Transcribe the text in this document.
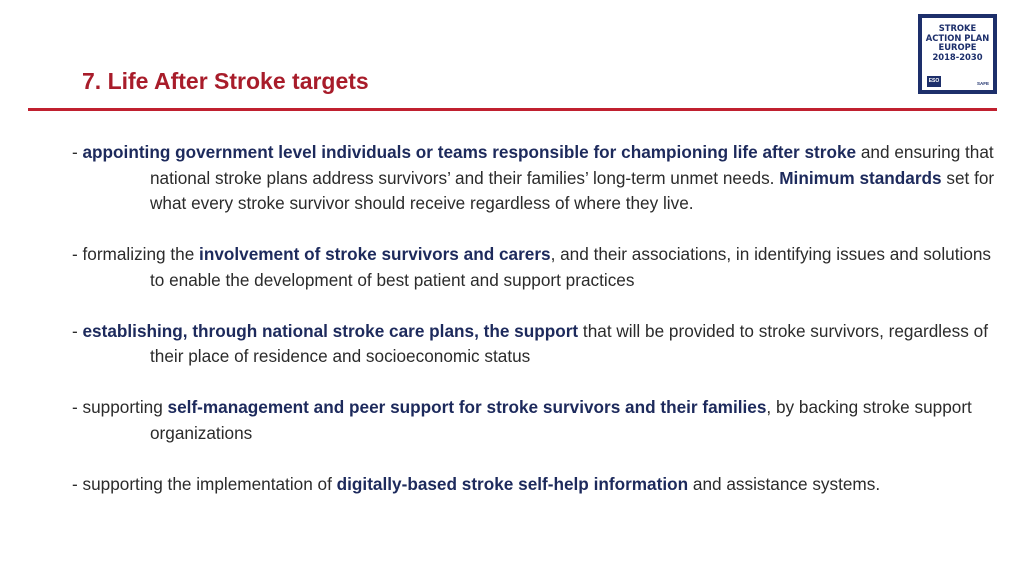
7. Life After Stroke targets
STROKE
ACTION PLAN
EUROPE
2018-2030
ESO	SAFE

- appointing government level individuals or teams responsible for championing life after stroke and ensuring that national stroke plans address survivors’ and their families’ long-term unmet needs. Minimum standards set for what every stroke survivor should receive regardless of where they live.

- formalizing the involvement of stroke survivors and carers, and their associations, in identifying issues and solutions to enable the development of best patient and support practices

- establishing, through national stroke care plans, the support that will be provided to stroke survivors, regardless of their place of residence and socioeconomic status

- supporting self-management and peer support for stroke survivors and their families, by backing stroke support organizations

- supporting the implementation of digitally-based stroke self-help information and assistance systems.
